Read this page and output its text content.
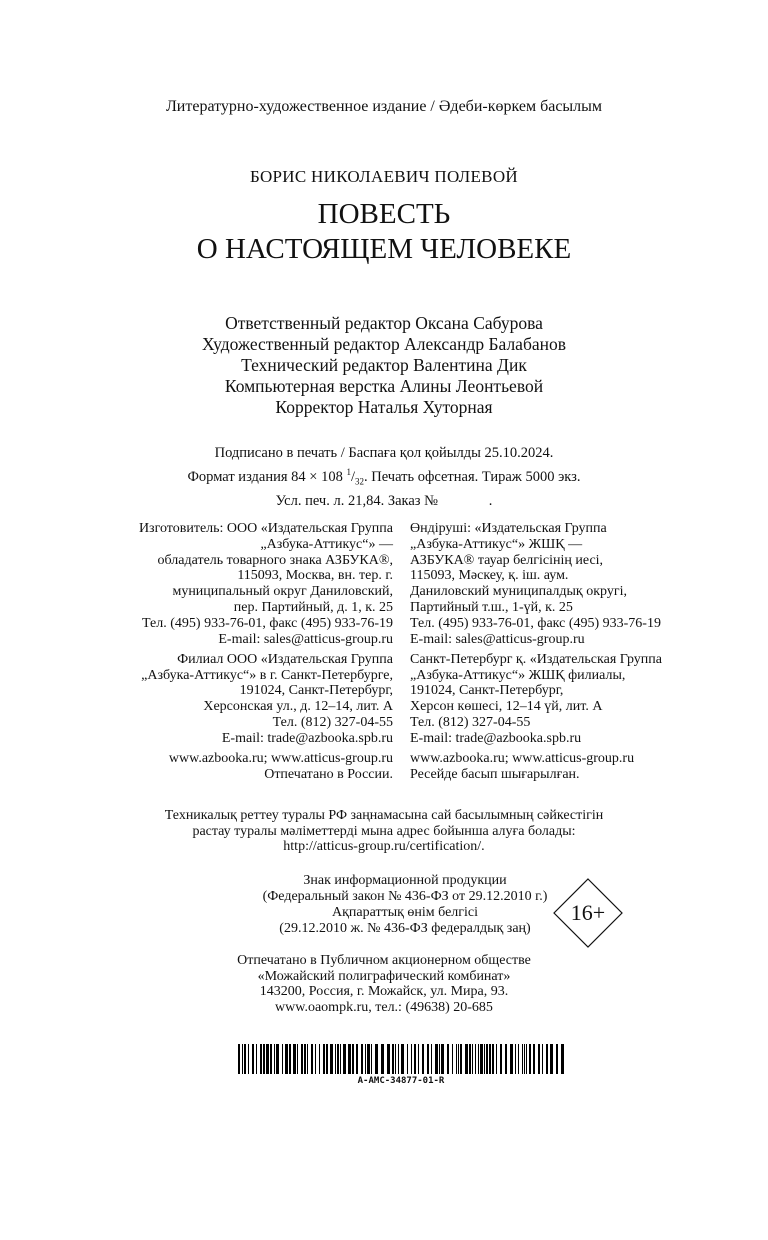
Литературно-художественное издание / Әдеби-көркем басылым
БОРИС НИКОЛАЕВИЧ ПОЛЕВОЙ
ПОВЕСТЬ
О НАСТОЯЩЕМ ЧЕЛОВЕКЕ
Ответственный редактор Оксана Сабурова
Художественный редактор Александр Балабанов
Технический редактор Валентина Дик
Компьютерная верстка Алины Леонтьевой
Корректор Наталья Хуторная
Подписано в печать / Баспаға қол қойылды 25.10.2024.
Формат издания 84 × 108 $^1/_{32}$. Печать офсетная. Тираж 5000 экз.
Усл. печ. л. 21,84. Заказ №              .
Изготовитель: ООО «Издательская Группа
„Азбука-Аттикус“» —
обладатель товарного знака АЗБУКА®,
115093, Москва, вн. тер. г.
муниципальный округ Даниловский,
пер. Партийный, д. 1, к. 25
Тел. (495) 933-76-01, факс (495) 933-76-19
E-mail: sales@atticus-group.ru
Филиал ООО «Издательская Группа
„Азбука-Аттикус“» в г. Санкт-Петербурге,
191024, Санкт-Петербург,
Херсонская ул., д. 12–14, лит. А
Тел. (812) 327-04-55
E-mail: trade@azbooka.spb.ru
www.azbooka.ru; www.atticus-group.ru
Отпечатано в России.
Өндіруші: «Издательская Группа
„Азбука-Аттикус“» ЖШҚ —
АЗБУКА® тауар белгісінің иесі,
115093, Мәскеу, қ. іш. аум.
Даниловский муниципалдық округі,
Партийный т.ш., 1-үй, к. 25
Тел. (495) 933-76-01, факс (495) 933-76-19
E-mail: sales@atticus-group.ru
Санкт-Петербург қ. «Издательская Группа
„Азбука-Аттикус“» ЖШҚ филиалы,
191024, Санкт-Петербург,
Херсон көшесі, 12–14 үй, лит. А
Тел. (812) 327-04-55
E-mail: trade@azbooka.spb.ru
www.azbooka.ru; www.atticus-group.ru
Ресейде басып шығарылған.
Техникалық реттеу туралы РФ заңнамасына сай басылымның сәйкестігін
растау туралы мәліметтерді мына адрес бойынша алуға болады:
http://atticus-group.ru/certification/.
Знак информационной продукции
(Федеральный закон № 436-ФЗ от 29.12.2010 г.)
Ақпараттық өнім белгісі
(29.12.2010 ж. № 436-ФЗ федералдық заң)
16+
Отпечатано в Публичном акционерном обществе
«Можайский полиграфический комбинат»
143200, Россия, г. Можайск, ул. Мира, 93.
www.oaompk.ru, тел.: (49638) 20-685
A-AMC-34877-01-R
